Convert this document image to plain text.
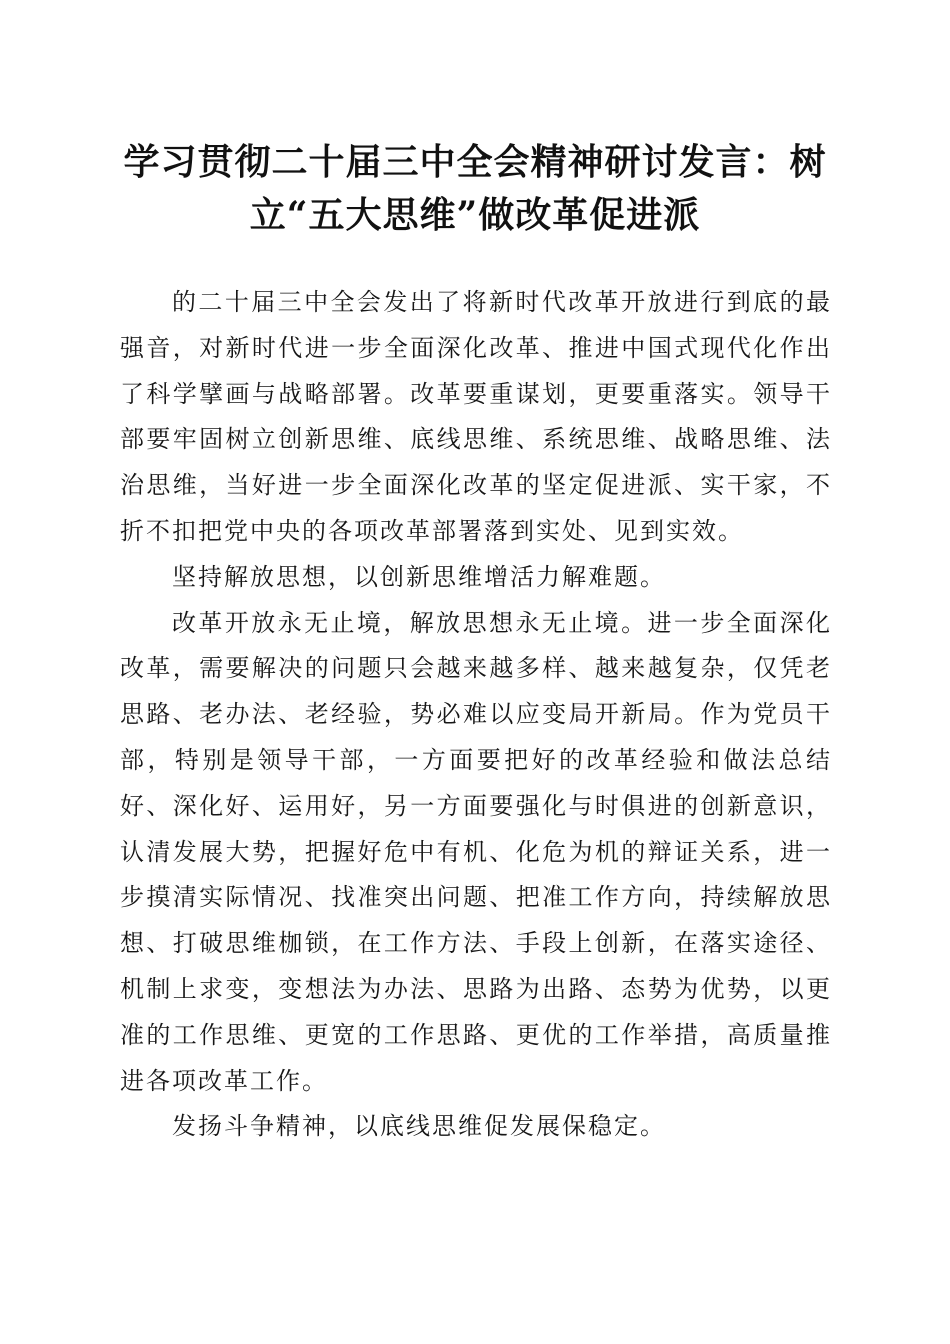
学习贯彻二十届三中全会精神研讨发言：树
立“五大思维”做改革促进派

的二十届三中全会发出了将新时代改革开放进行到底的最强音，对新时代进一步全面深化改革、推进中国式现代化作出了科学擘画与战略部署。改革要重谋划，更要重落实。领导干部要牢固树立创新思维、底线思维、系统思维、战略思维、法治思维，当好进一步全面深化改革的坚定促进派、实干家，不折不扣把党中央的各项改革部署落到实处、见到实效。

坚持解放思想，以创新思维增活力解难题。

改革开放永无止境，解放思想永无止境。进一步全面深化改革，需要解决的问题只会越来越多样、越来越复杂，仅凭老思路、老办法、老经验，势必难以应变局开新局。作为党员干部，特别是领导干部，一方面要把好的改革经验和做法总结好、深化好、运用好，另一方面要强化与时俱进的创新意识，认清发展大势，把握好危中有机、化危为机的辩证关系，进一步摸清实际情况、找准突出问题、把准工作方向，持续解放思想、打破思维枷锁，在工作方法、手段上创新，在落实途径、机制上求变，变想法为办法、思路为出路、态势为优势，以更准的工作思维、更宽的工作思路、更优的工作举措，高质量推进各项改革工作。

发扬斗争精神，以底线思维促发展保稳定。
